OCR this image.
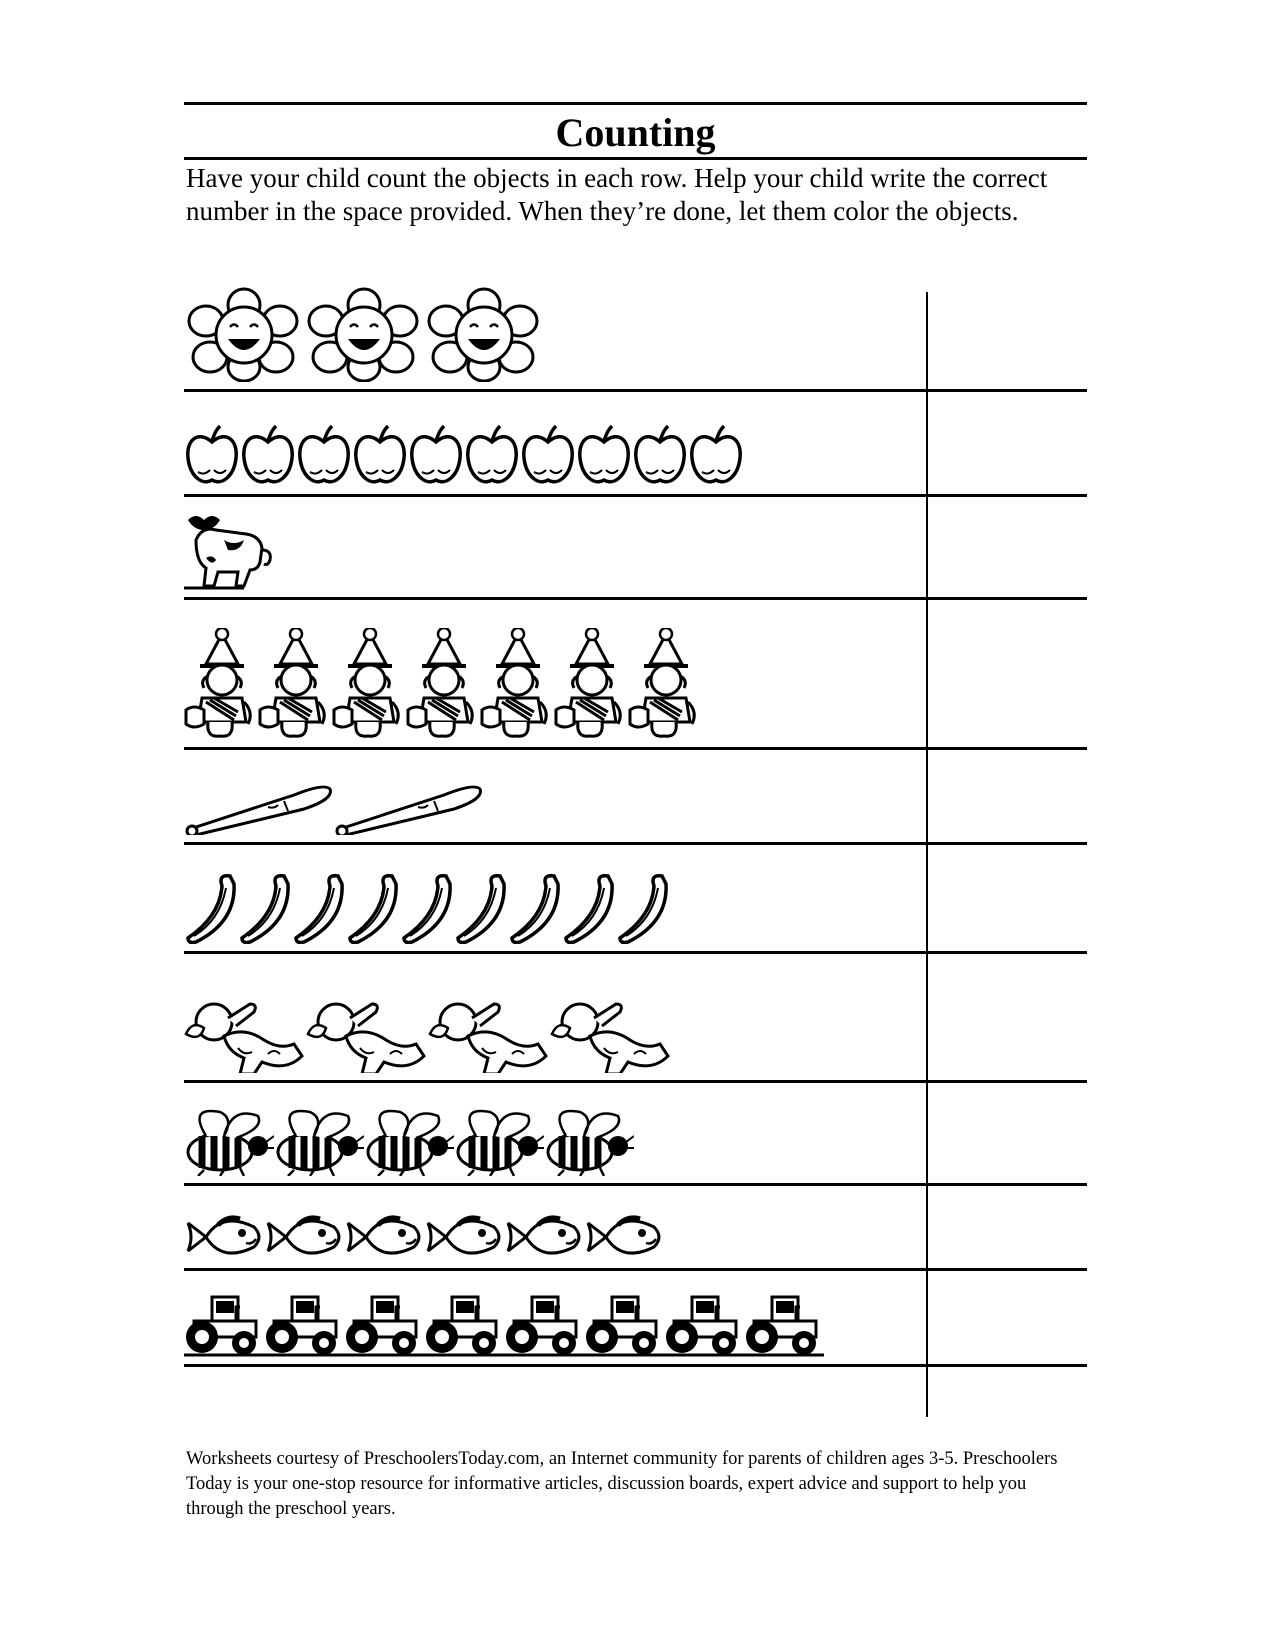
Counting
Have your child count the objects in each row. Help your child write the correct number in the space provided. When they’re done, let them color the objects.
Worksheets courtesy of PreschoolersToday.com, an Internet community for parents of children ages 3-5. Preschoolers Today is your one-stop resource for informative articles, discussion boards, expert advice and support to help you through the preschool years.
